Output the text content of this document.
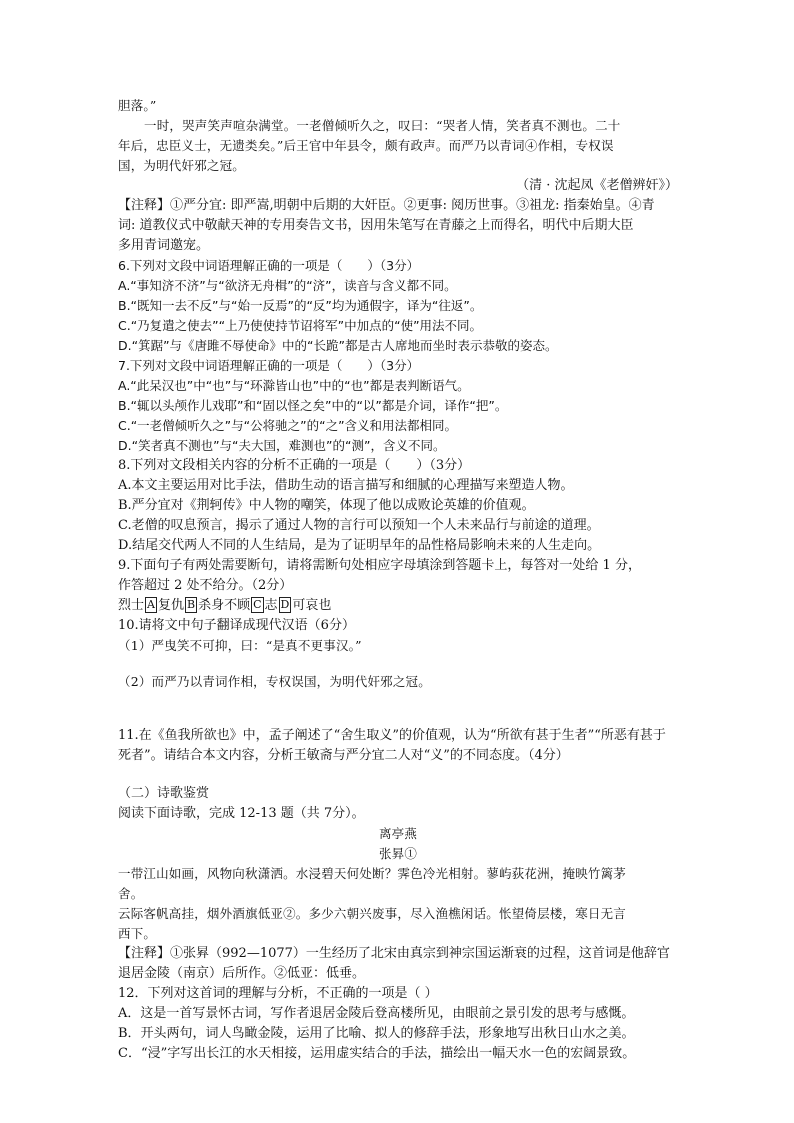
胆落。”
一时，哭声笑声喧杂满堂。一老僧倾听久之，叹曰：“哭者人情，笑者真不测也。二十
年后，忠臣义士，无遗类矣。”后王官中年县令，颇有政声。而严乃以青词④作相，专权误
国，为明代奸邪之冠。
（清 · 沈起凤《老僧辨奸》）
【注释】①严分宜: 即严嵩,明朝中后期的大奸臣。②更事: 阅历世事。③祖龙: 指秦始皇。④青
词: 道教仪式中敬献天神的专用奏告文书，因用朱笔写在青藤之上而得名，明代中后期大臣
多用青词邀宠。
6.下列对文段中词语理解正确的一项是（　　）（3分）
A.“事知济不济”与“欲济无舟楫”的“济”，读音与含义都不同。
B.“既知一去不反”与“始一反焉”的“反”均为通假字，译为“往返”。
C.“乃复遣之使去”“上乃使使持节诏将军”中加点的“使”用法不同。
D.“箕踞”与《唐雎不辱使命》中的“长跪”都是古人席地而坐时表示恭敬的姿态。
7.下列对文段中词语理解正确的一项是（　　）（3分）
A.“此呆汉也”中“也”与“环滁皆山也”中的“也”都是表判断语气。
B.“辄以头颅作儿戏耶”和“固以怪之矣”中的“以”都是介词，译作“把”。
C.“一老僧倾听久之”与“公将驰之”的“之”含义和用法都相同。
D.“笑者真不测也”与“夫大国，难测也”的“测”，含义不同。
8.下列对文段相关内容的分析不正确的一项是（　　）（3分）
A.本文主要运用对比手法，借助生动的语言描写和细腻的心理描写来塑造人物。
B.严分宜对《荆轲传》中人物的嘲笑，体现了他以成败论英雄的价值观。
C.老僧的叹息预言，揭示了通过人物的言行可以预知一个人未来品行与前途的道理。
D.结尾交代两人不同的人生结局，是为了证明早年的品性格局影响未来的人生走向。
9.下面句子有两处需要断句，请将需断句处相应字母填涂到答题卡上，每答对一处给 1 分，
作答超过 2 处不给分。（2分）
烈士 A 复仇 B 杀身不顾 C 志 D 可哀也
10.请将文中句子翻译成现代汉语（6分）
（1）严曳笑不可抑，曰：“是真不更事汉。”
（2）而严乃以青词作相，专权误国，为明代奸邪之冠。
11.在《鱼我所欲也》中，孟子阐述了“舍生取义”的价值观，认为“所欲有甚于生者”“所恶有甚于死者”。请结合本文内容，分析王敏斋与严分宜二人对“义”的不同态度。（4分）
（二）诗歌鉴赏
阅读下面诗歌，完成 12-13 题（共 7分）。
离亭燕
张昪①
一带江山如画，风物向秋潇洒。水浸碧天何处断？霁色冷光相射。蓼屿荻花洲，掩映竹篱茅
舍。
云际客帆高挂，烟外酒旗低亚②。多少六朝兴废事，尽入渔樵闲话。怅望倚层楼，寒日无言
西下。
【注释】①张昪（992—1077）一生经历了北宋由真宗到神宗国运渐衰的过程，这首词是他辞官退居金陵（南京）后所作。②低亚：低垂。
12．下列对这首词的理解与分析，不正确的一项是（ ）
A．这是一首写景怀古词，写作者退居金陵后登高楼所见，由眼前之景引发的思考与感慨。
B．开头两句，词人鸟瞰金陵，运用了比喻、拟人的修辞手法，形象地写出秋日山水之美。
C．“浸”字写出长江的水天相接，运用虚实结合的手法，描绘出一幅天水一色的宏阔景致。
